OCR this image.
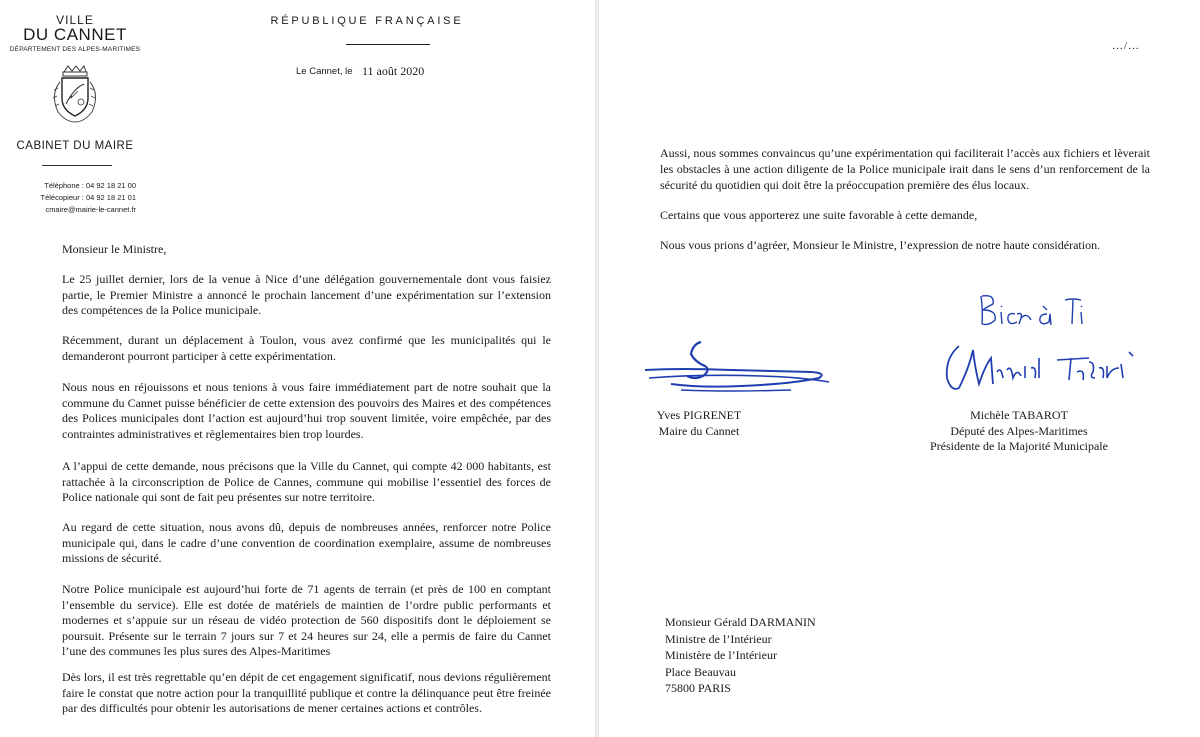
VILLE
DU CANNET
DÉPARTEMENT DES ALPES-MARITIMES
CABINET DU MAIRE
Téléphone : 04 92 18 21 00
Télécopieur : 04 92 18 21 01
cmaire@mairie-le-cannet.fr
RÉPUBLIQUE FRANÇAISE
Le Cannet, le 11 août 2020
Monsieur le Ministre,

Le 25 juillet dernier, lors de la venue à Nice d’une délégation gouvernementale dont vous faisiez partie, le Premier Ministre a annoncé le prochain lancement d’une expérimentation sur l’extension des compétences de la Police municipale.

Récemment, durant un déplacement à Toulon, vous avez confirmé que les municipalités qui le demanderont pourront participer à cette expérimentation.

Nous nous en réjouissons et nous tenions à vous faire immédiatement part de notre souhait que la commune du Cannet puisse bénéficier de cette extension des pouvoirs des Maires et des compétences des Polices municipales dont l’action est aujourd’hui trop souvent limitée, voire empêchée, par des contraintes administratives et règlementaires bien trop lourdes.

A l’appui de cette demande, nous précisons que la Ville du Cannet, qui compte 42 000 habitants, est rattachée à la circonscription de Police de Cannes, commune qui mobilise l’essentiel des forces de Police nationale qui sont de fait peu présentes sur notre territoire.

Au regard de cette situation, nous avons dû, depuis de nombreuses années, renforcer notre Police municipale qui, dans le cadre d’une convention de coordination exemplaire, assume de nombreuses missions de sécurité.

Notre Police municipale est aujourd’hui forte de 71 agents de terrain (et près de 100 en comptant l’ensemble du service). Elle est dotée de matériels de maintien de l’ordre public performants et modernes et s’appuie sur un réseau de vidéo protection de 560 dispositifs dont le déploiement se poursuit. Présente sur le terrain 7 jours sur 7 et 24 heures sur 24, elle a permis de faire du Cannet l’une des communes les plus sures des Alpes-Maritimes

Dès lors, il est très regrettable qu’en dépit de cet engagement significatif, nous devions régulièrement faire le constat que notre action pour la tranquillité publique et contre la délinquance peut être freinée par des difficultés pour obtenir les autorisations de mener certaines actions et contrôles.

…/…

Aussi, nous sommes convaincus qu’une expérimentation qui faciliterait l’accès aux fichiers et lèverait les obstacles à une action diligente de la Police municipale irait dans le sens d’un renforcement de la sécurité du quotidien qui doit être la préoccupation première des élus locaux.

Certains que vous apporterez une suite favorable à cette demande,

Nous vous prions d’agréer, Monsieur le Ministre, l’expression de notre haute considération.

Yves PIGRENET
Maire du Cannet
Michèle TABAROT
Député des Alpes-Maritimes
Présidente de la Majorité Municipale
Monsieur Gérald DARMANIN
Ministre de l’Intérieur
Ministère de l’Intérieur
Place Beauvau
75800 PARIS
